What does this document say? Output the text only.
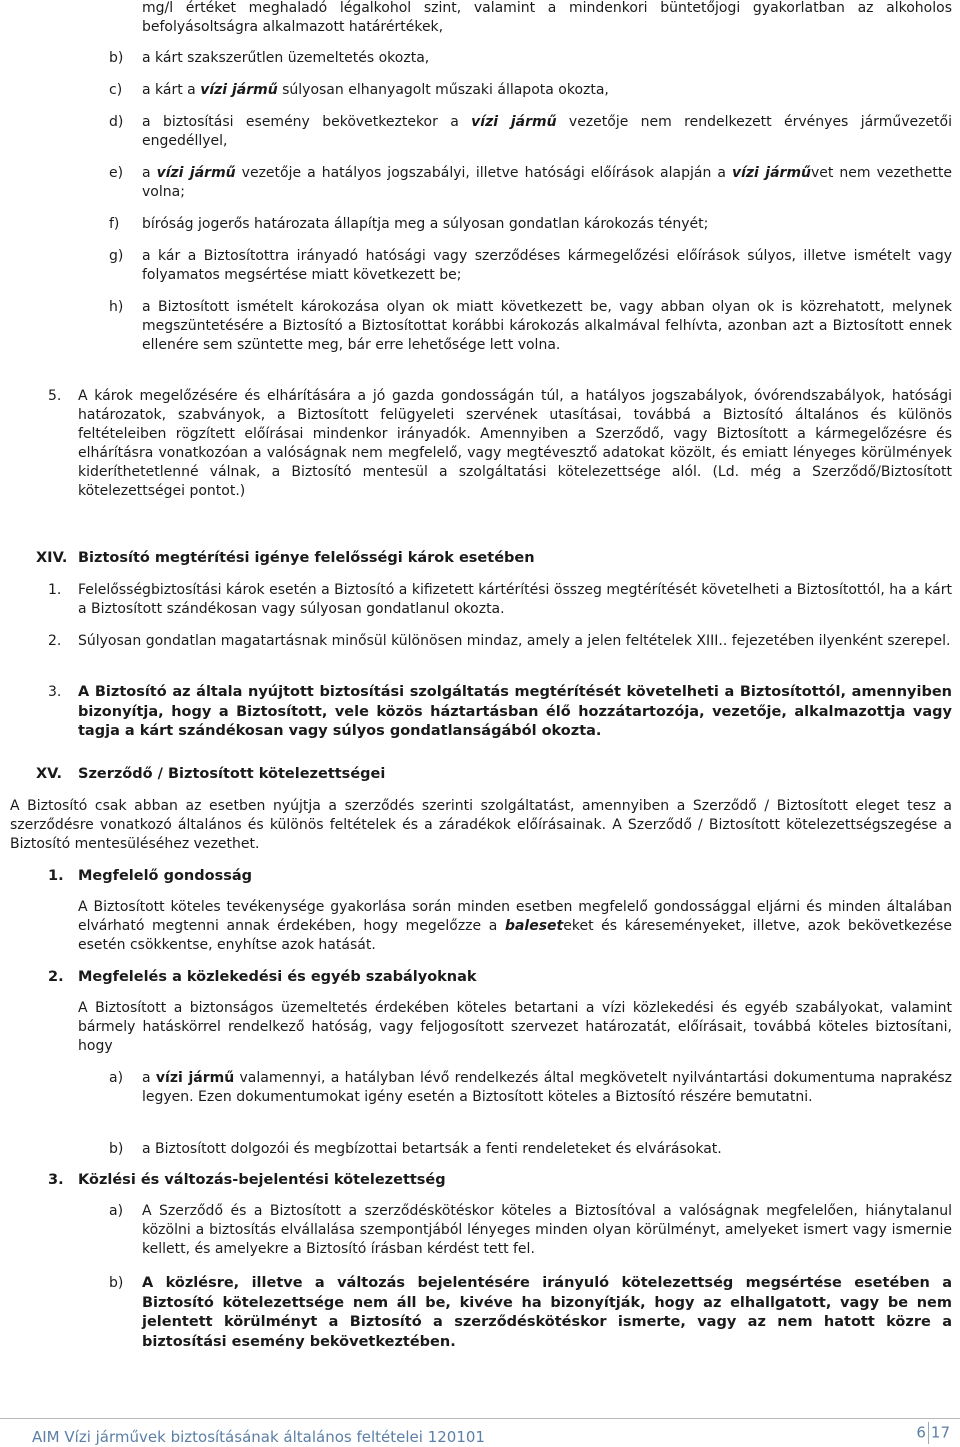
mg/l értéket meghaladó légalkohol szint, valamint a mindenkori büntetőjogi gyakorlatban az alkoholos befolyásoltságra alkalmazott határértékek,

b) a kárt szakszerűtlen üzemeltetés okozta,

c) a kárt a vízi jármű súlyosan elhanyagolt műszaki állapota okozta,

d) a biztosítási esemény bekövetkeztekor a vízi jármű vezetője nem rendelkezett érvényes járművezetői engedéllyel,

e) a vízi jármű vezetője a hatályos jogszabályi, illetve hatósági előírások alapján a vízi járművet nem vezethette volna;

f) bíróság jogerős határozata állapítja meg a súlyosan gondatlan károkozás tényét;

g) a kár a Biztosítottra irányadó hatósági vagy szerződéses kármegelőzési előírások súlyos, illetve ismételt vagy folyamatos megsértése miatt következett be;

h) a Biztosított ismételt károkozása olyan ok miatt következett be, vagy abban olyan ok is közrehatott, melynek megszüntetésére a Biztosító a Biztosítottat korábbi károkozás alkalmával felhívta, azonban azt a Biztosított ennek ellenére sem szüntette meg, bár erre lehetősége lett volna.

5. A károk megelőzésére és elhárítására a jó gazda gondosságán túl, a hatályos jogszabályok, óvórendszabályok, hatósági határozatok, szabványok, a Biztosított felügyeleti szervének utasításai, továbbá a Biztosító általános és különös feltételeiben rögzített előírásai mindenkor irányadók. Amennyiben a Szerződő, vagy Biztosított a kármegelőzésre és elhárításra vonatkozóan a valóságnak nem megfelelő, vagy megtévesztő adatokat közölt, és emiatt lényeges körülmények kideríthetetlenné válnak, a Biztosító mentesül a szolgáltatási kötelezettsége alól. (Ld. még a Szerződő/Biztosított kötelezettségei pontot.)

XIV. Biztosító megtérítési igénye felelősségi károk esetében
1. Felelősségbiztosítási károk esetén a Biztosító a kifizetett kártérítési összeg megtérítését követelheti a Biztosítottól, ha a kárt a Biztosított szándékosan vagy súlyosan gondatlanul okozta.

2. Súlyosan gondatlan magatartásnak minősül különösen mindaz, amely a jelen feltételek XIII.. fejezetében ilyenként szerepel.

3. A Biztosító az általa nyújtott biztosítási szolgáltatás megtérítését követelheti a Biztosítottól, amennyiben bizonyítja, hogy a Biztosított, vele közös háztartásban élő hozzátartozója, vezetője, alkalmazottja vagy tagja a kárt szándékosan vagy súlyos gondatlanságából okozta.

XV. Szerződő / Biztosított kötelezettségei
A Biztosító csak abban az esetben nyújtja a szerződés szerinti szolgáltatást, amennyiben a Szerződő / Biztosított eleget tesz a szerződésre vonatkozó általános és különös feltételek és a záradékok előírásainak. A Szerződő / Biztosított kötelezettségszegése a Biztosító mentesüléséhez vezethet.
1. Megfelelő gondosság

A Biztosított köteles tevékenysége gyakorlása során minden esetben megfelelő gondossággal eljárni és minden általában elvárható megtenni annak érdekében, hogy megelőzze a baleseteket és káreseményeket, illetve, azok bekövetkezése esetén csökkentse, enyhítse azok hatását.

2. Megfelelés a közlekedési és egyéb szabályoknak
A Biztosított a biztonságos üzemeltetés érdekében köteles betartani a vízi közlekedési és egyéb szabályokat, valamint bármely hatáskörrel rendelkező hatóság, vagy feljogosított szervezet határozatát, előírásait, továbbá köteles biztosítani, hogy
a) a vízi jármű valamennyi, a hatályban lévő rendelkezés által megkövetelt nyilvántartási dokumentuma naprakész legyen. Ezen dokumentumokat igény esetén a Biztosított köteles a Biztosító részére bemutatni.

b) a Biztosított dolgozói és megbízottai betartsák a fenti rendeleteket és elvárásokat.

3. Közlési és változás-bejelentési kötelezettség
a) A Szerződő és a Biztosított a szerződéskötéskor köteles a Biztosítóval a valóságnak megfelelően, hiánytalanul közölni a biztosítás elvállalása szempontjából lényeges minden olyan körülményt, amelyeket ismert vagy ismernie kellett, és amelyekre a Biztosító írásban kérdést tett fel.

b) A közlésre, illetve a változás bejelentésére irányuló kötelezettség megsértése esetében a Biztosító kötelezettsége nem áll be, kivéve ha bizonyítják, hogy az elhallgatott, vagy be nem jelentett körülményt a Biztosító a szerződéskötéskor ismerte, vagy az nem hatott közre a biztosítási esemény bekövetkeztében.

AIM Vízi járművek biztosításának általános feltételei 120101	6 17
